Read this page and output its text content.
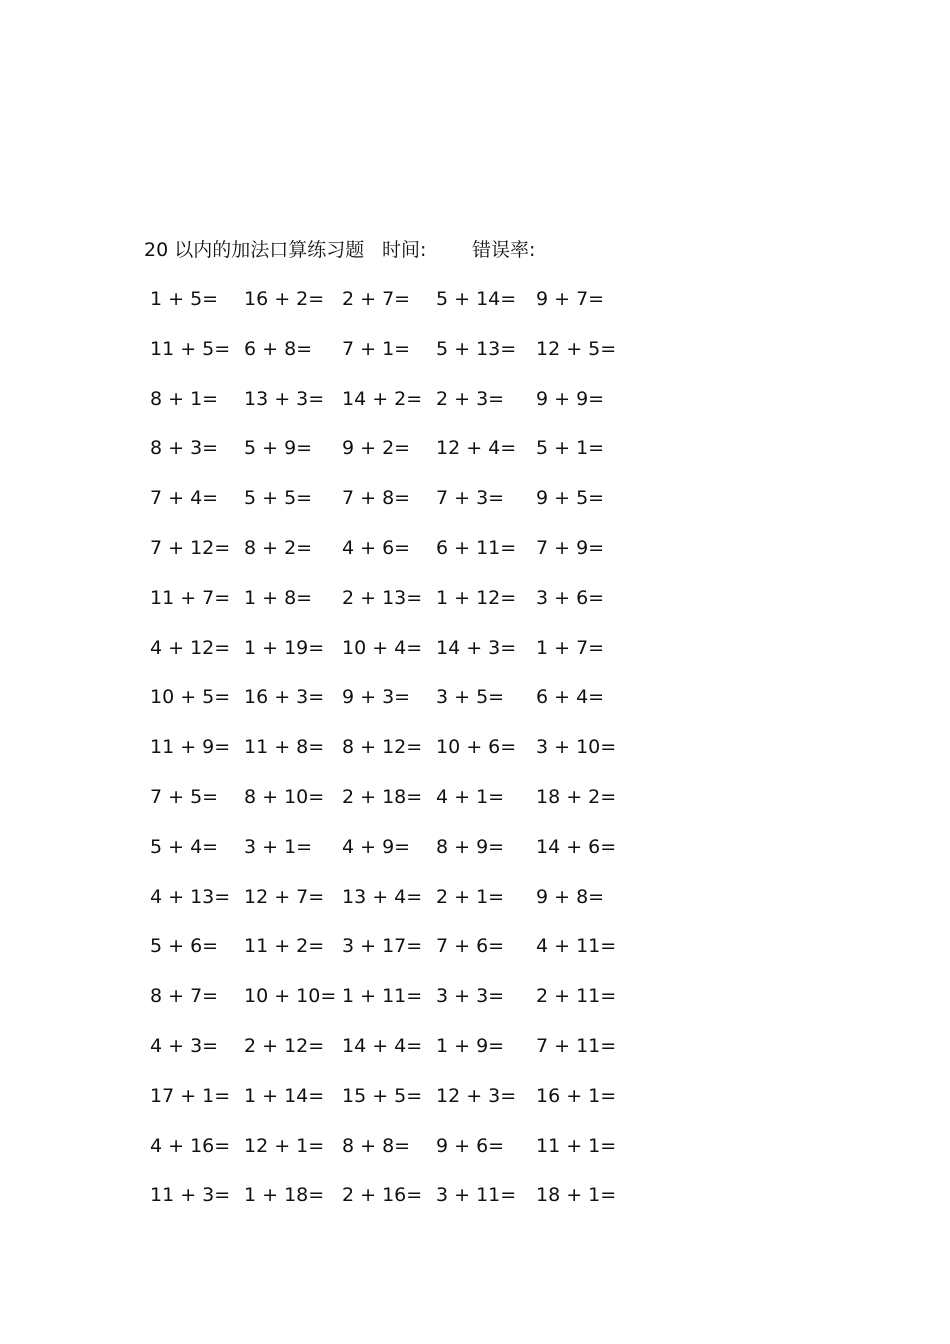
20 以内的加法口算练习题 时间: 错误率:
1 + 5= 16 + 2= 2 + 7= 5 + 14= 9 + 7=
11 + 5= 6 + 8= 7 + 1= 5 + 13= 12 + 5=
8 + 1= 13 + 3= 14 + 2= 2 + 3= 9 + 9=
8 + 3= 5 + 9= 9 + 2= 12 + 4= 5 + 1=
7 + 4= 5 + 5= 7 + 8= 7 + 3= 9 + 5=
7 + 12= 8 + 2= 4 + 6= 6 + 11= 7 + 9=
11 + 7= 1 + 8= 2 + 13= 1 + 12= 3 + 6=
4 + 12= 1 + 19= 10 + 4= 14 + 3= 1 + 7=
10 + 5= 16 + 3= 9 + 3= 3 + 5= 6 + 4=
11 + 9= 11 + 8= 8 + 12= 10 + 6= 3 + 10=
7 + 5= 8 + 10= 2 + 18= 4 + 1= 18 + 2=
5 + 4= 3 + 1= 4 + 9= 8 + 9= 14 + 6=
4 + 13= 12 + 7= 13 + 4= 2 + 1= 9 + 8=
5 + 6= 11 + 2= 3 + 17= 7 + 6= 4 + 11=
8 + 7= 10 + 10= 1 + 11= 3 + 3= 2 + 11=
4 + 3= 2 + 12= 14 + 4= 1 + 9= 7 + 11=
17 + 1= 1 + 14= 15 + 5= 12 + 3= 16 + 1=
4 + 16= 12 + 1= 8 + 8= 9 + 6= 11 + 1=
11 + 3= 1 + 18= 2 + 16= 3 + 11= 18 + 1=
